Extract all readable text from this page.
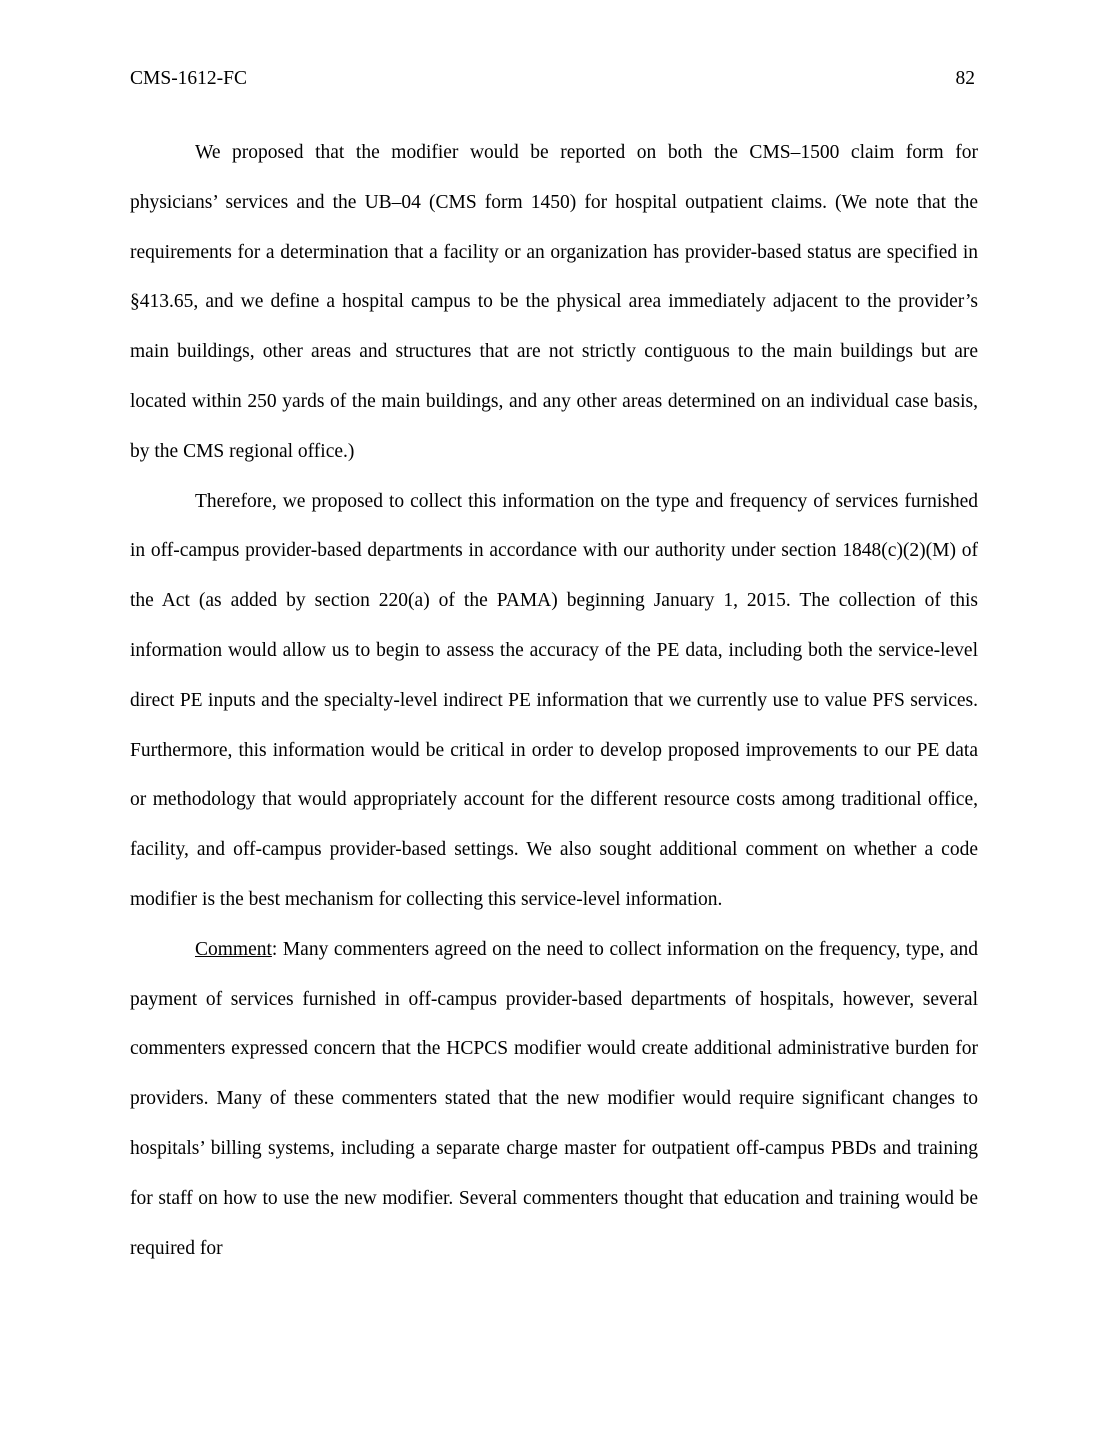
CMS-1612-FC	82

We proposed that the modifier would be reported on both the CMS–1500 claim form for physicians’ services and the UB–04 (CMS form 1450) for hospital outpatient claims. (We note that the requirements for a determination that a facility or an organization has provider-based status are specified in §413.65, and we define a hospital campus to be the physical area immediately adjacent to the provider’s main buildings, other areas and structures that are not strictly contiguous to the main buildings but are located within 250 yards of the main buildings, and any other areas determined on an individual case basis, by the CMS regional office.)

Therefore, we proposed to collect this information on the type and frequency of services furnished in off-campus provider-based departments in accordance with our authority under section 1848(c)(2)(M) of the Act (as added by section 220(a) of the PAMA) beginning January 1, 2015. The collection of this information would allow us to begin to assess the accuracy of the PE data, including both the service-level direct PE inputs and the specialty-level indirect PE information that we currently use to value PFS services. Furthermore, this information would be critical in order to develop proposed improvements to our PE data or methodology that would appropriately account for the different resource costs among traditional office, facility, and off-campus provider-based settings. We also sought additional comment on whether a code modifier is the best mechanism for collecting this service-level information.

Comment: Many commenters agreed on the need to collect information on the frequency, type, and payment of services furnished in off-campus provider-based departments of hospitals, however, several commenters expressed concern that the HCPCS modifier would create additional administrative burden for providers. Many of these commenters stated that the new modifier would require significant changes to hospitals’ billing systems, including a separate charge master for outpatient off-campus PBDs and training for staff on how to use the new modifier. Several commenters thought that education and training would be required for
